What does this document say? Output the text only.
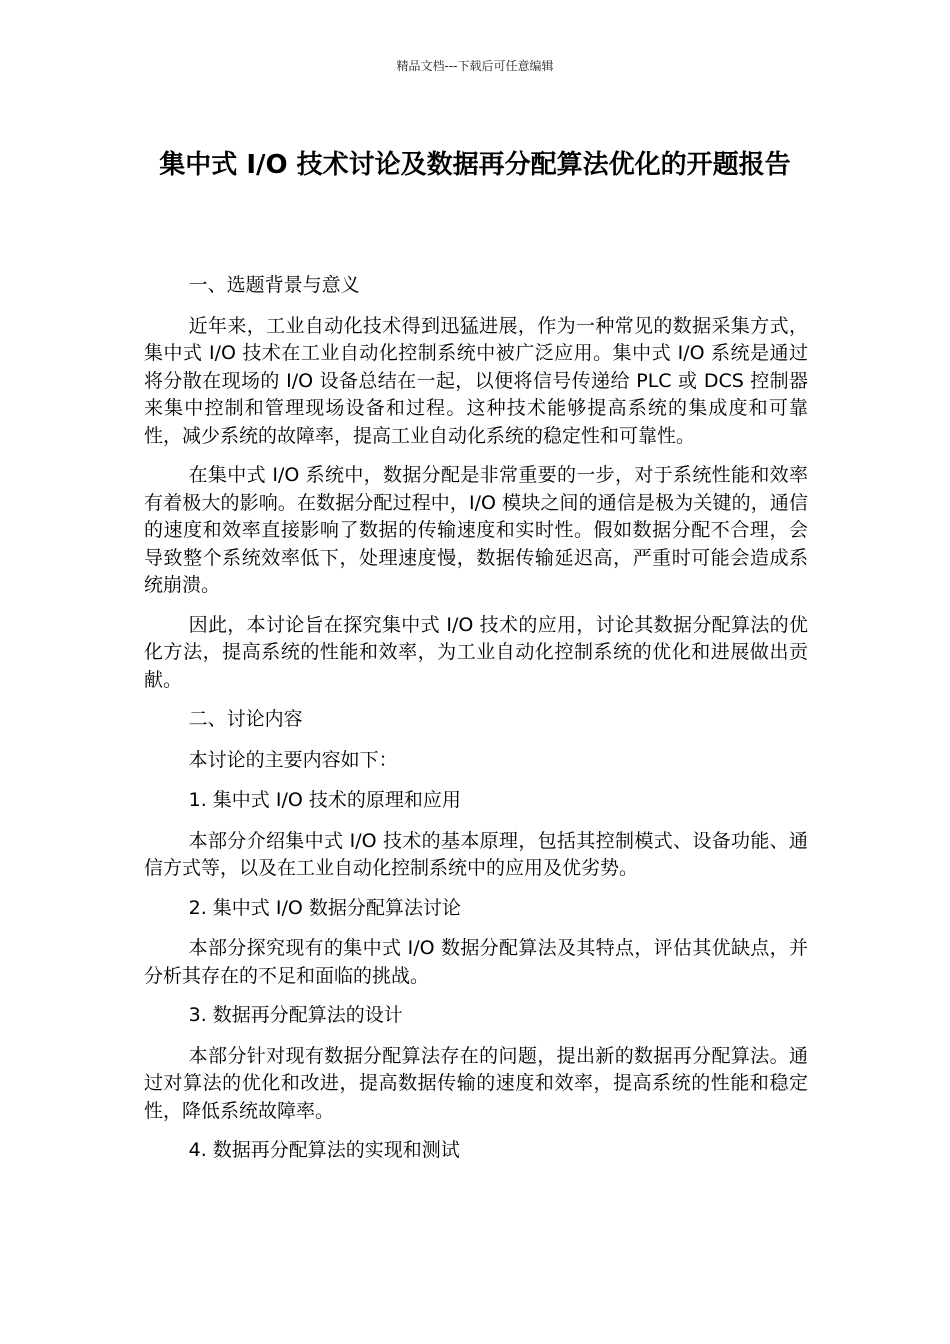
精品文档---下载后可任意编辑
集中式 I/O 技术讨论及数据再分配算法优化的开题报告

一、选题背景与意义

近年来，工业自动化技术得到迅猛进展，作为一种常见的数据采集方式，集中式 I/O 技术在工业自动化控制系统中被广泛应用。集中式 I/O 系统是通过将分散在现场的 I/O 设备总结在一起，以便将信号传递给 PLC 或 DCS 控制器来集中控制和管理现场设备和过程。这种技术能够提高系统的集成度和可靠性，减少系统的故障率，提高工业自动化系统的稳定性和可靠性。

在集中式 I/O 系统中，数据分配是非常重要的一步，对于系统性能和效率有着极大的影响。在数据分配过程中，I/O 模块之间的通信是极为关键的，通信的速度和效率直接影响了数据的传输速度和实时性。假如数据分配不合理，会导致整个系统效率低下，处理速度慢，数据传输延迟高，严重时可能会造成系统崩溃。

因此，本讨论旨在探究集中式 I/O 技术的应用，讨论其数据分配算法的优化方法，提高系统的性能和效率，为工业自动化控制系统的优化和进展做出贡献。

二、讨论内容

本讨论的主要内容如下：

1. 集中式 I/O 技术的原理和应用

本部分介绍集中式 I/O 技术的基本原理，包括其控制模式、设备功能、通信方式等，以及在工业自动化控制系统中的应用及优劣势。

2. 集中式 I/O 数据分配算法讨论

本部分探究现有的集中式 I/O 数据分配算法及其特点，评估其优缺点，并分析其存在的不足和面临的挑战。

3. 数据再分配算法的设计

本部分针对现有数据分配算法存在的问题，提出新的数据再分配算法。通过对算法的优化和改进，提高数据传输的速度和效率，提高系统的性能和稳定性，降低系统故障率。

4. 数据再分配算法的实现和测试
